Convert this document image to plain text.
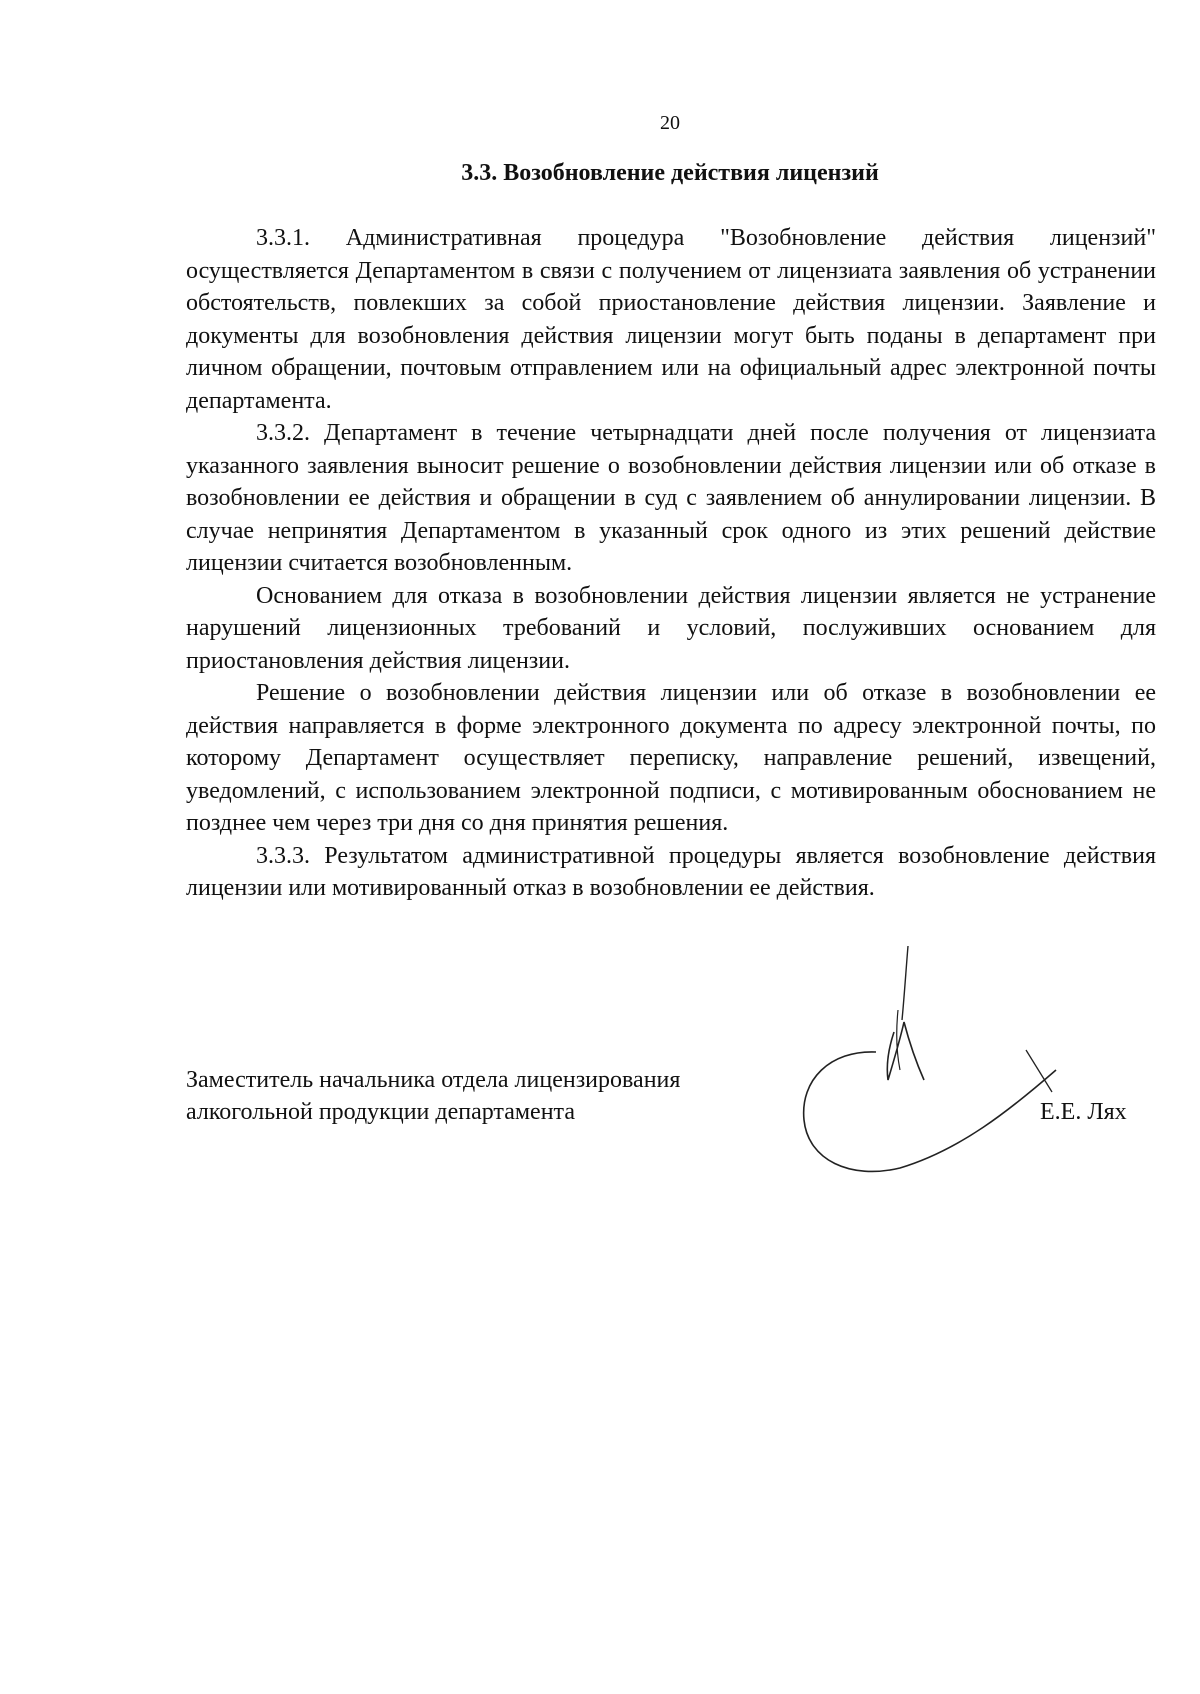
20
3.3. Возобновление действия лицензий

3.3.1. Административная процедура "Возобновление действия лицензий" осуществляется Департаментом в связи с получением от лицензиата заявления об устранении обстоятельств, повлекших за собой приостановление действия лицензии. Заявление и документы для возобновления действия лицензии могут быть поданы в департамент при личном обращении, почтовым отправлением или на официальный адрес электронной почты департамента.

3.3.2. Департамент в течение четырнадцати дней после получения от лицензиата указанного заявления выносит решение о возобновлении действия лицензии или об отказе в возобновлении ее действия и обращении в суд с заявлением об аннулировании лицензии. В случае непринятия Департаментом в указанный срок одного из этих решений действие лицензии считается возобновленным.

Основанием для отказа в возобновлении действия лицензии является не устранение нарушений лицензионных требований и условий, послуживших основанием для приостановления действия лицензии.

Решение о возобновлении действия лицензии или об отказе в возобновлении ее действия направляется в форме электронного документа по адресу электронной почты, по которому Департамент осуществляет переписку, направление решений, извещений, уведомлений, с использованием электронной подписи, с мотивированным обоснованием не позднее чем через три дня со дня принятия решения.

3.3.3. Результатом административной процедуры является возобновление действия лицензии или мотивированный отказ в возобновлении ее действия.

Заместитель начальника отдела лицензирования
алкогольной продукции департамента	Е.Е. Лях
